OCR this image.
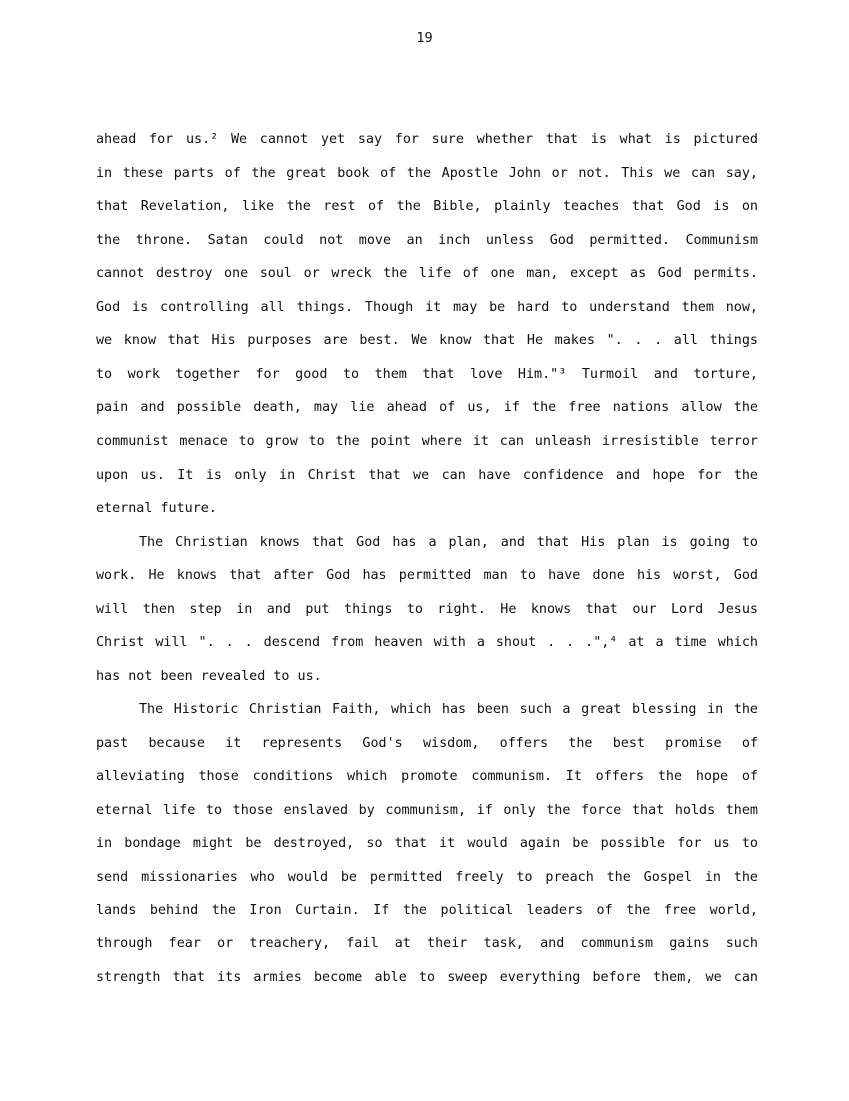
19
ahead for us.² We cannot yet say for sure whether that is what is pictured
in these parts of the great book of the Apostle John or not. This we can say,
that Revelation, like the rest of the Bible, plainly teaches that God is on
the throne. Satan could not move an inch unless God permitted. Communism
cannot destroy one soul or wreck the life of one man, except as God permits.
God is controlling all things. Though it may be hard to understand them now,
we know that His purposes are best. We know that He makes ". . . all things
to work together for good to them that love Him."³ Turmoil and torture,
pain and possible death, may lie ahead of us, if the free nations allow the
communist menace to grow to the point where it can unleash irresistible terror
upon us. It is only in Christ that we can have confidence and hope for the
eternal future.
The Christian knows that God has a plan, and that His plan is going to
work. He knows that after God has permitted man to have done his worst, God
will then step in and put things to right. He knows that our Lord Jesus
Christ will ". . . descend from heaven with a shout . . .",⁴ at a time which
has not been revealed to us.
The Historic Christian Faith, which has been such a great blessing in the
past because it represents God's wisdom, offers the best promise of
alleviating those conditions which promote communism. It offers the hope of
eternal life to those enslaved by communism, if only the force that holds them
in bondage might be destroyed, so that it would again be possible for us to
send missionaries who would be permitted freely to preach the Gospel in the
lands behind the Iron Curtain. If the political leaders of the free world,
through fear or treachery, fail at their task, and communism gains such
strength that its armies become able to sweep everything before them, we can
